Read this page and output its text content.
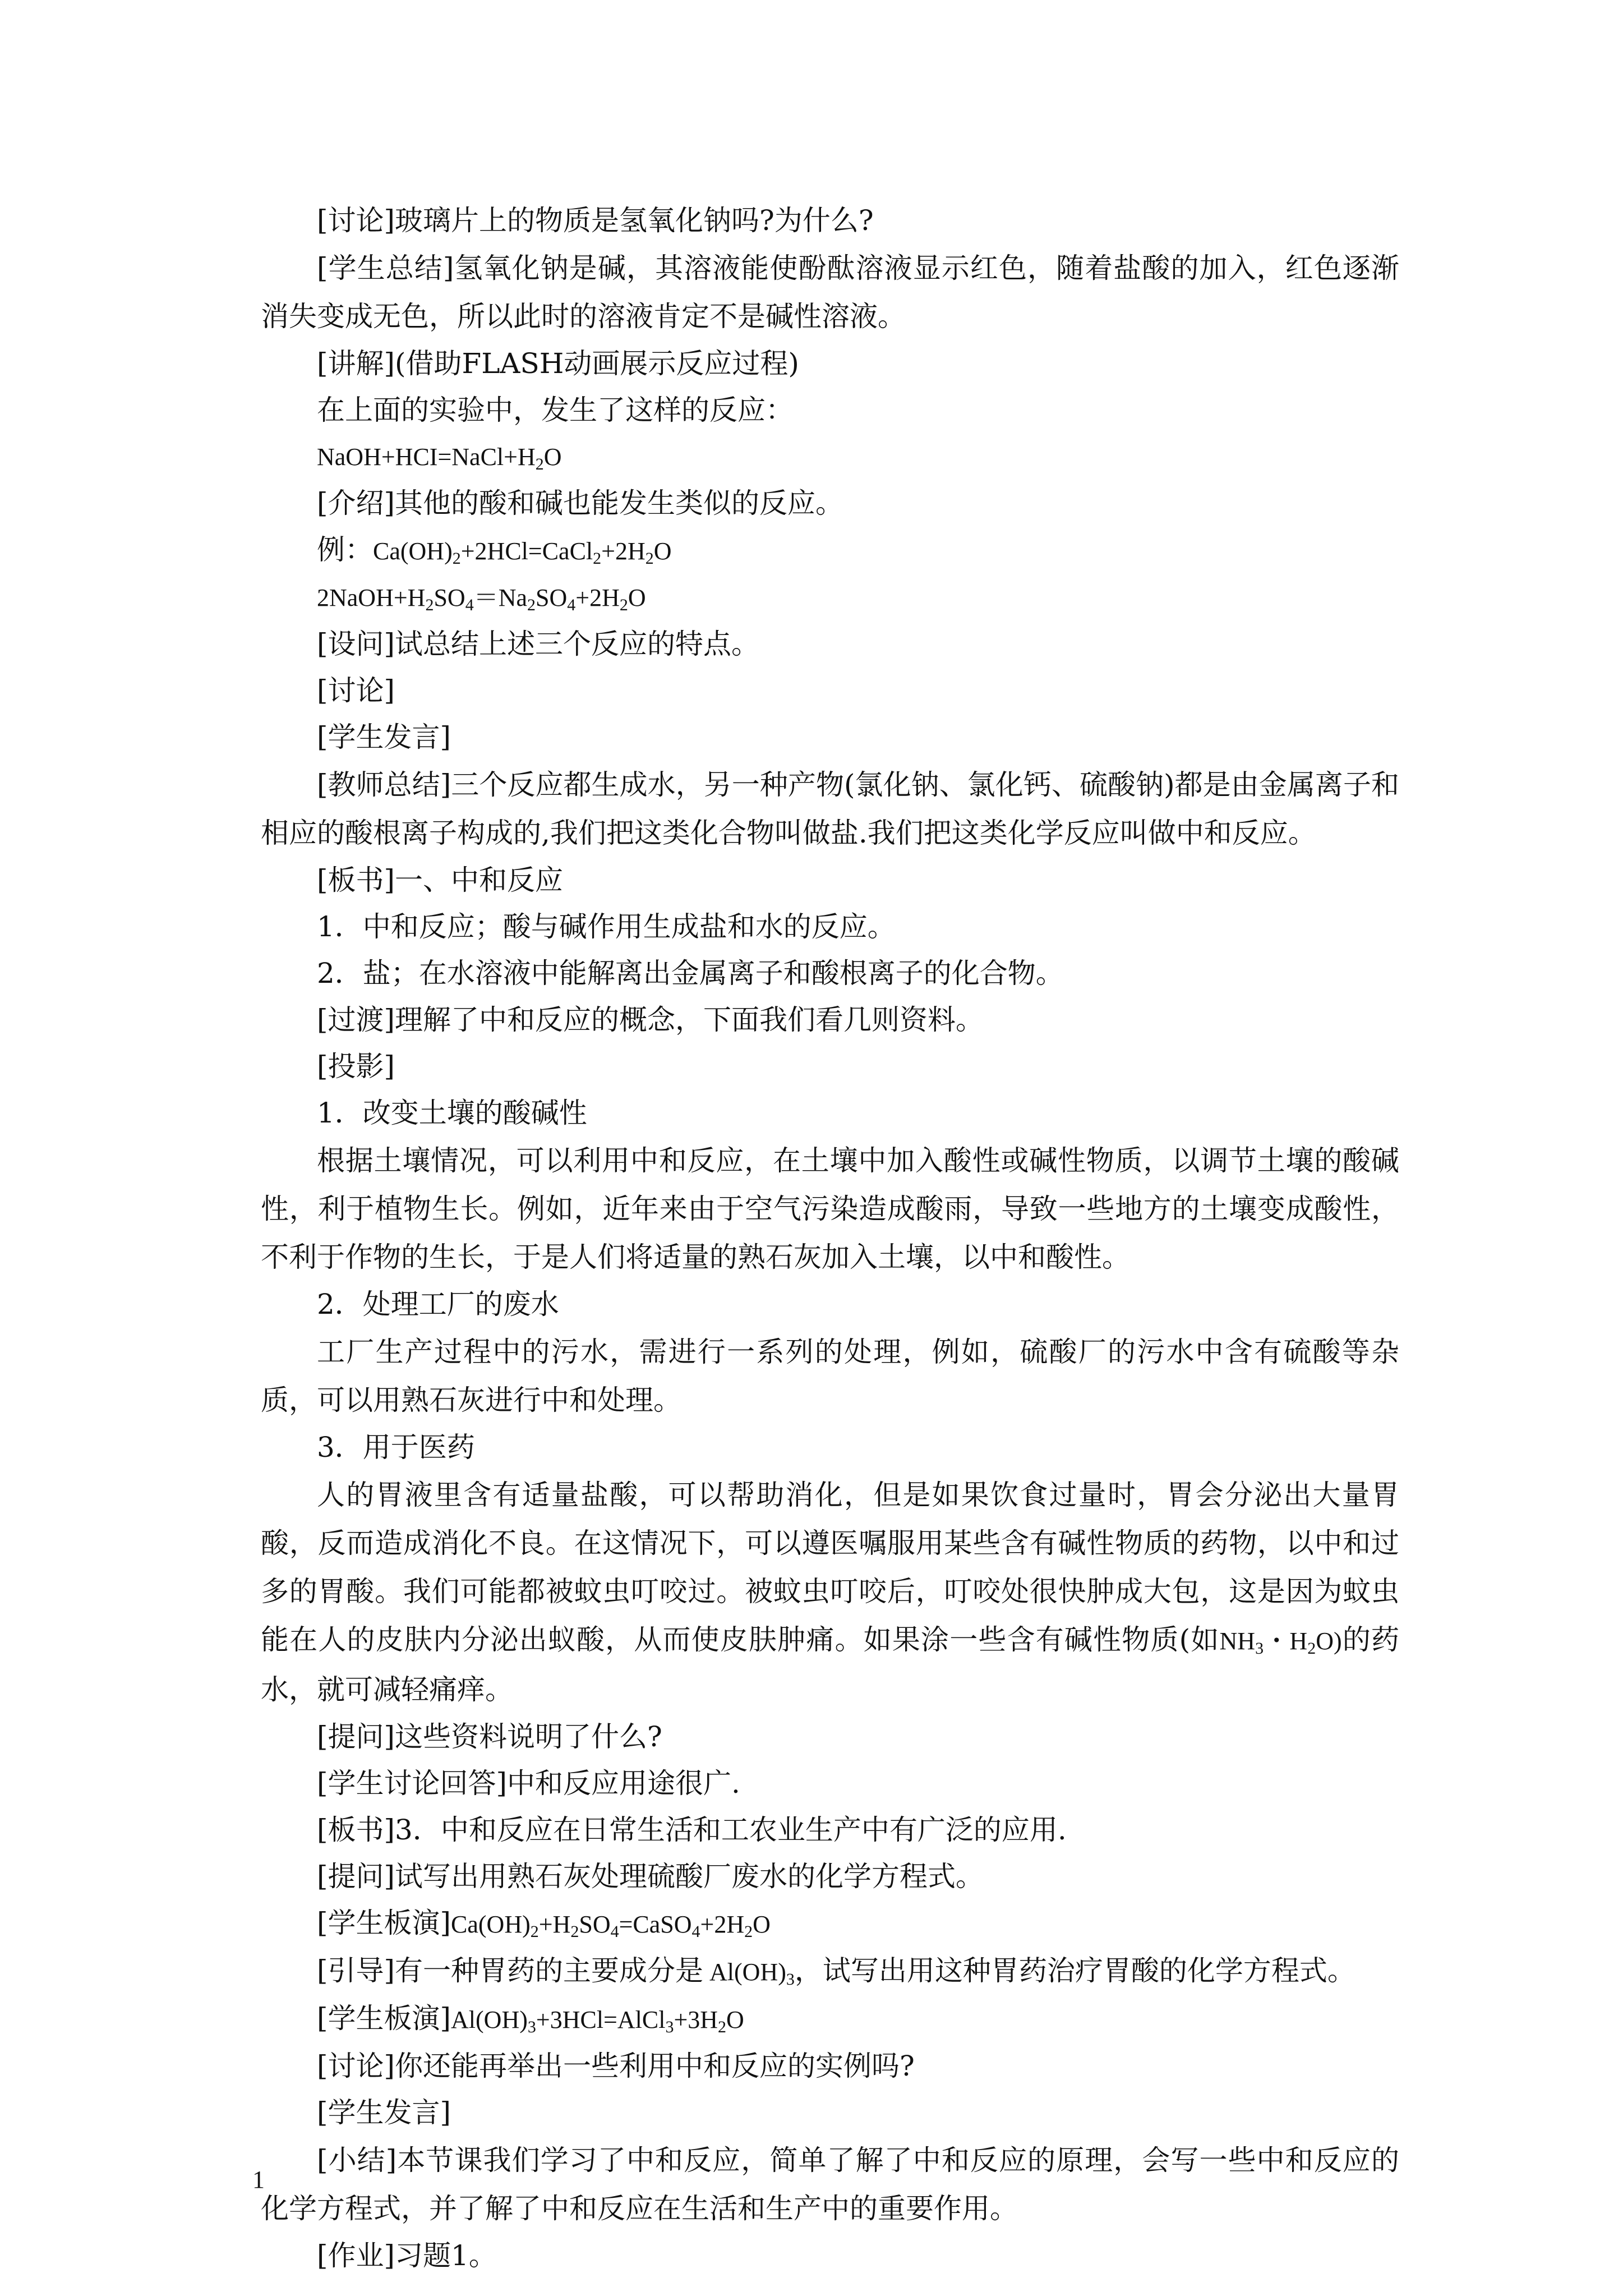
[讨论]玻璃片上的物质是氢氧化钠吗?为什么?

[学生总结]氢氧化钠是碱，其溶液能使酚酞溶液显示红色，随着盐酸的加入，红色逐渐消失变成无色，所以此时的溶液肯定不是碱性溶液。

[讲解](借助FLASH动画展示反应过程)

在上面的实验中，发生了这样的反应：

$NaOH+HCI=NaCl+H_2O$

[介绍]其他的酸和碱也能发生类似的反应。

例：$Ca(OH)_2+2HCl=CaCl_2+2H_2O$

$2NaOH+H_2SO_4=Na_2SO_4+2H_2O$

[设问]试总结上述三个反应的特点。

[讨论]

[学生发言]

[教师总结]三个反应都生成水，另一种产物(氯化钠、氯化钙、硫酸钠)都是由金属离子和相应的酸根离子构成的,我们把这类化合物叫做盐.我们把这类化学反应叫做中和反应。

[板书]一、中和反应

1．中和反应；酸与碱作用生成盐和水的反应。

2．盐；在水溶液中能解离出金属离子和酸根离子的化合物。

[过渡]理解了中和反应的概念，下面我们看几则资料。

[投影]

1．改变土壤的酸碱性

根据土壤情况，可以利用中和反应，在土壤中加入酸性或碱性物质，以调节土壤的酸碱性，利于植物生长。例如，近年来由于空气污染造成酸雨，导致一些地方的土壤变成酸性，不利于作物的生长，于是人们将适量的熟石灰加入土壤，以中和酸性。

2．处理工厂的废水

工厂生产过程中的污水，需进行一系列的处理，例如，硫酸厂的污水中含有硫酸等杂质，可以用熟石灰进行中和处理。

3．用于医药

人的胃液里含有适量盐酸，可以帮助消化，但是如果饮食过量时，胃会分泌出大量胃酸，反而造成消化不良。在这情况下，可以遵医嘱服用某些含有碱性物质的药物，以中和过多的胃酸。我们可能都被蚊虫叮咬过。被蚊虫叮咬后，叮咬处很快肿成大包，这是因为蚊虫能在人的皮肤内分泌出蚁酸，从而使皮肤肿痛。如果涂一些含有碱性物质(如$NH_3$・$H_2O$)的药水，就可减轻痛痒。

[提问]这些资料说明了什么?

[学生讨论回答]中和反应用途很广.

[板书]3．中和反应在日常生活和工农业生产中有广泛的应用.

[提问]试写出用熟石灰处理硫酸厂废水的化学方程式。

[学生板演]$Ca(OH)_2+H_2SO_4=CaSO_4+2H_2O$

[引导]有一种胃药的主要成分是 $Al(OH)_3$，试写出用这种胃药治疗胃酸的化学方程式。

[学生板演]$Al(OH)_3+3HCl=AlCl_3+3H_2O$

[讨论]你还能再举出一些利用中和反应的实例吗?

[学生发言]

[小结]本节课我们学习了中和反应，简单了解了中和反应的原理，会写一些中和反应的化学方程式，并了解了中和反应在生活和生产中的重要作用。

[作业]习题1。

1
